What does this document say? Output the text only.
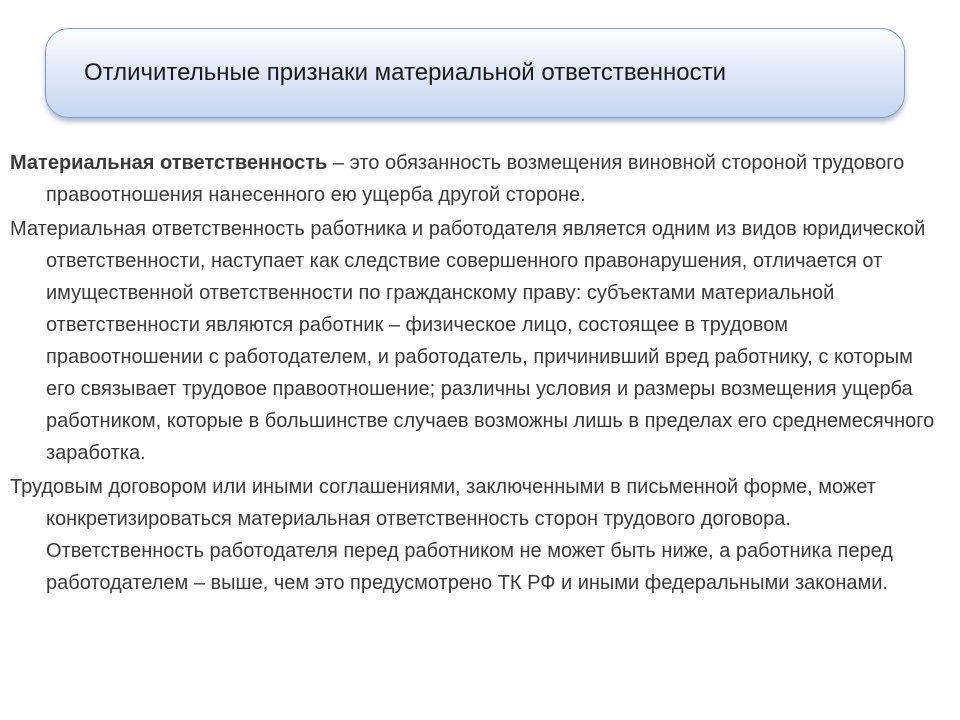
Отличительные признаки материальной ответственности

Материальная ответственность – это обязанность возмещения виновной стороной трудового правоотношения нанесенного ею ущерба другой стороне.

Материальная ответственность работника и работодателя является одним из видов юридической ответственности, наступает как следствие совершенного правонарушения, отличается от имущественной ответственности по гражданскому праву: субъектами материальной ответственности являются работник – физическое лицо, состоящее в трудовом правоотношении с работодателем, и работодатель, причинивший вред работнику, с которым его связывает трудовое правоотношение; различны условия и размеры возмещения ущерба работником, которые в большинстве случаев возможны лишь в пределах его среднемесячного заработка.

Трудовым договором или иными соглашениями, заключенными в письменной форме, может конкретизироваться материальная ответственность сторон трудового договора. Ответственность работодателя перед работником не может быть ниже, а работника перед работодателем – выше, чем это предусмотрено ТК РФ и иными федеральными законами.
